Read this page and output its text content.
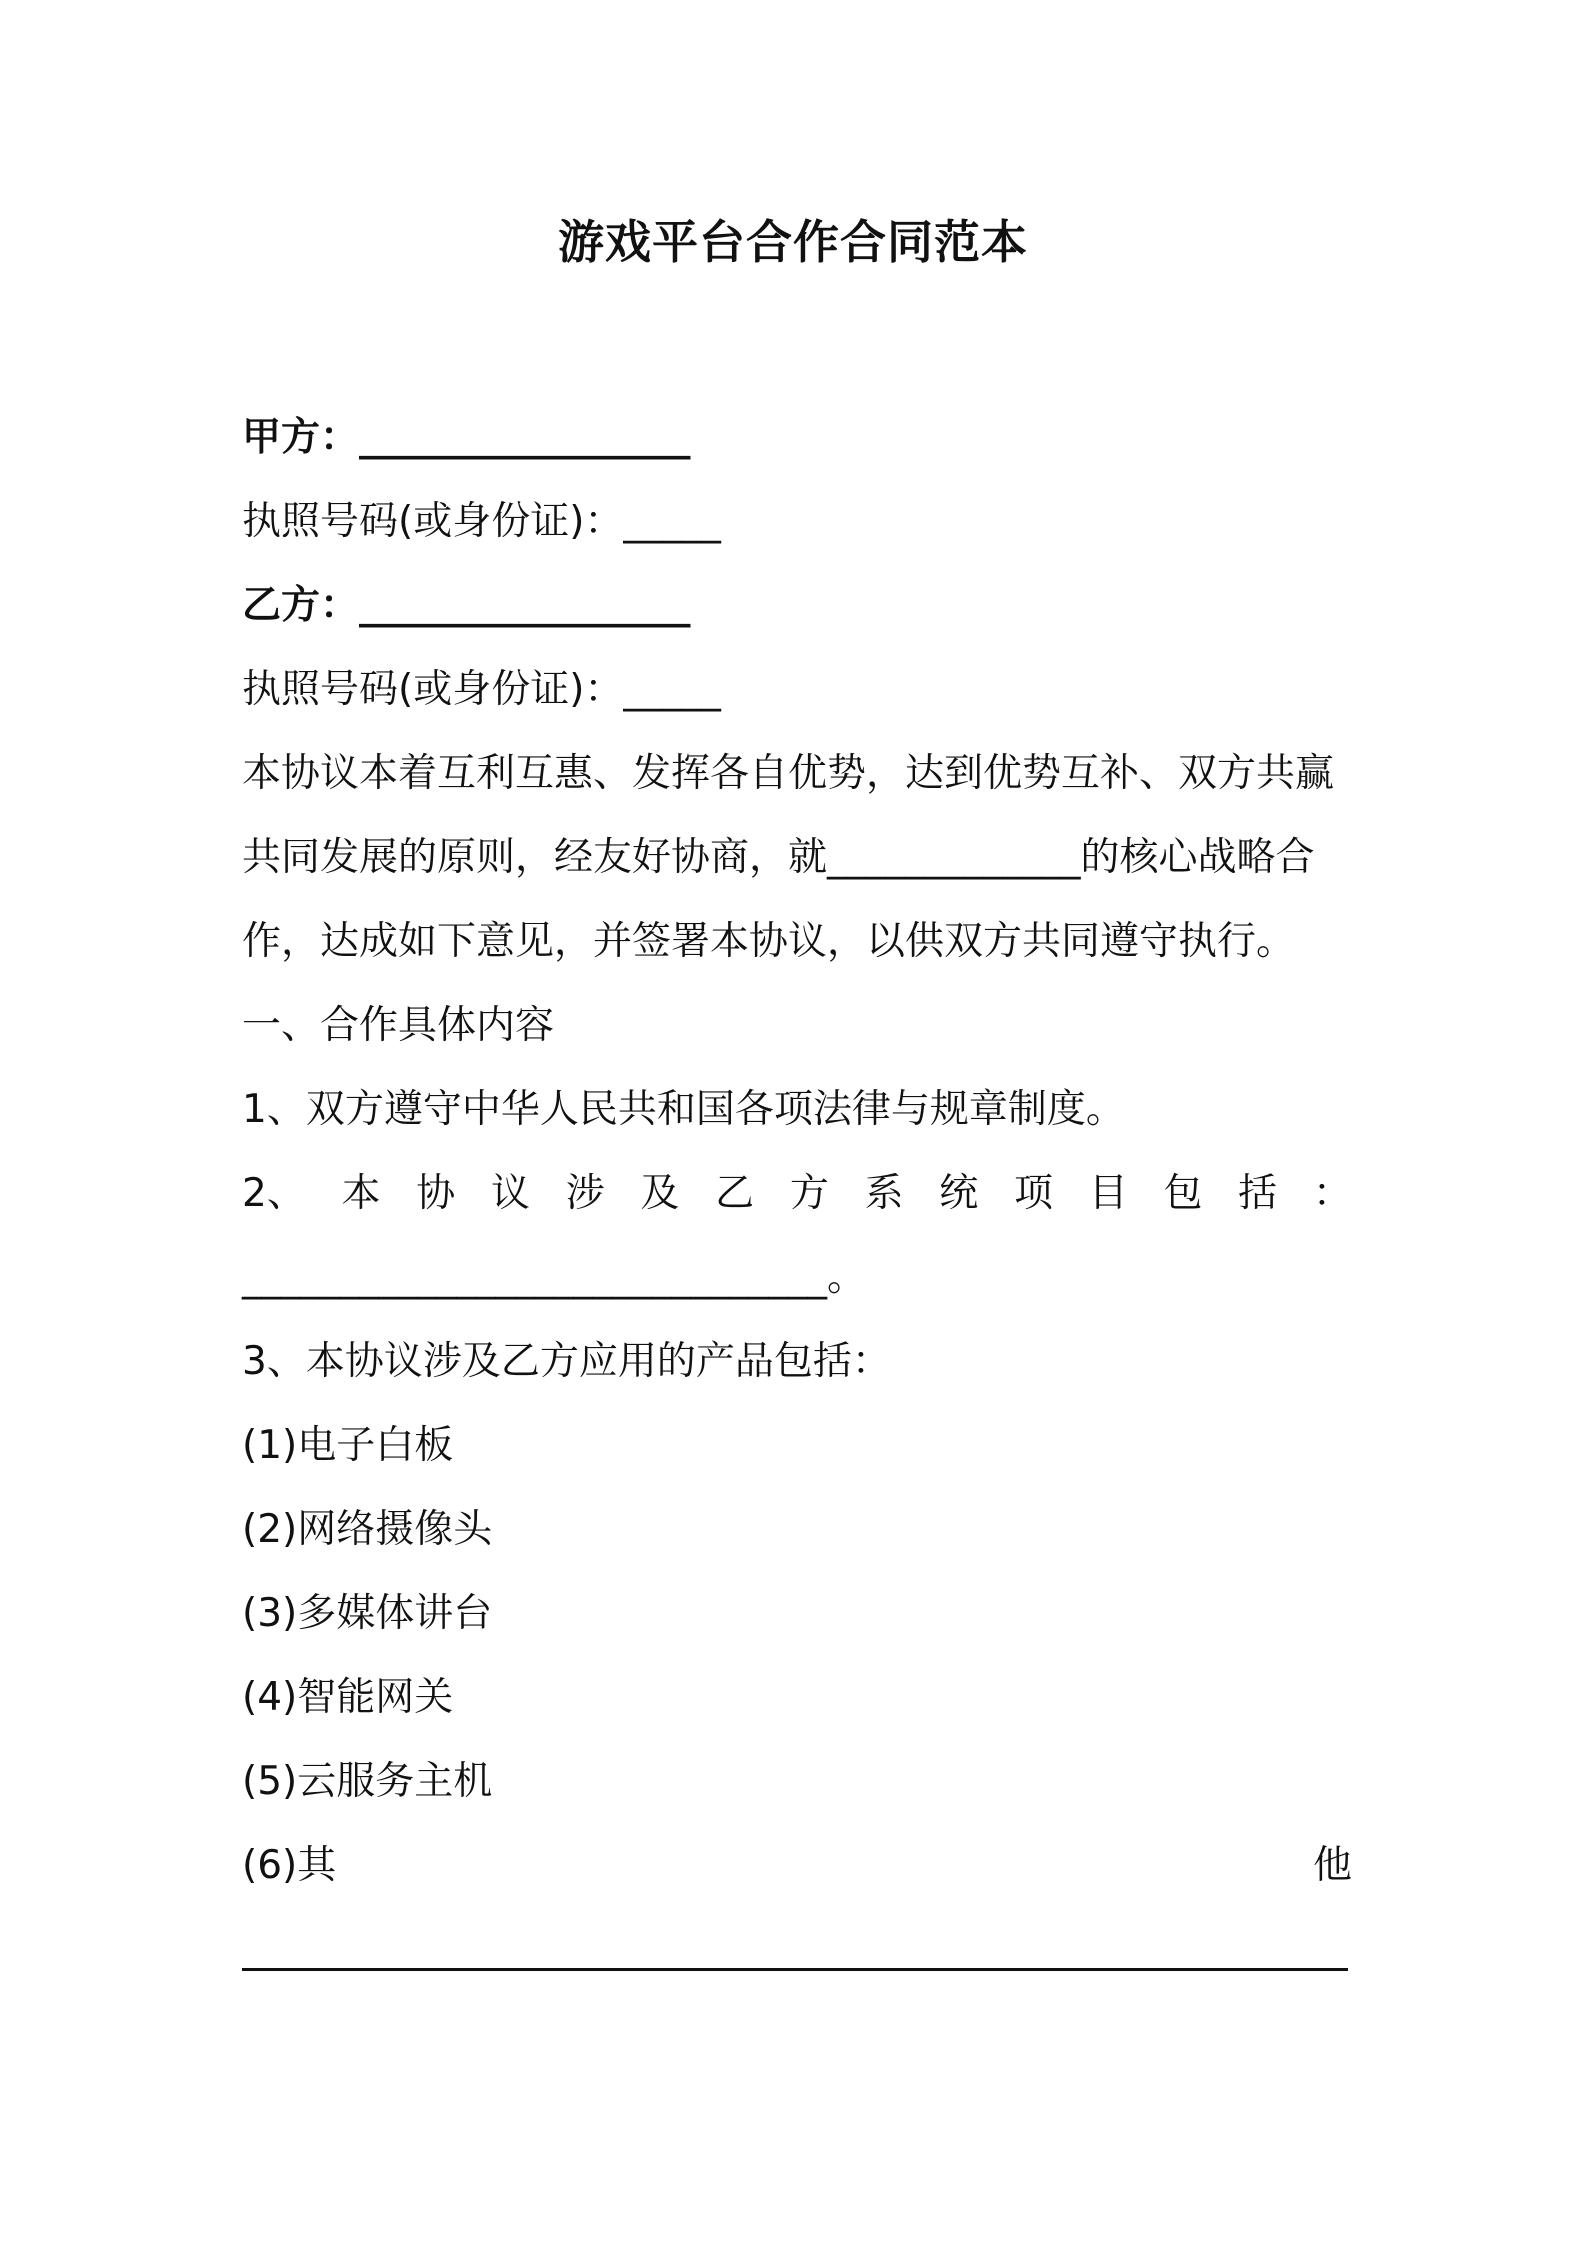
游戏平台合作合同范本
甲方：_________________
执照号码(或身份证)：_____
乙方：_________________
执照号码(或身份证)：_____
本协议本着互利互惠、发挥各自优势，达到优势互补、双方共赢
共同发展的原则，经友好协商，就_____________的核心战略合
作，达成如下意见，并签署本协议，以供双方共同遵守执行。
一、合作具体内容
1、双方遵守中华人民共和国各项法律与规章制度。
2、 本 协 议 涉 及 乙 方 系 统 项 目 包 括 ：
______________________________。
3、本协议涉及乙方应用的产品包括：
(1)电子白板
(2)网络摄像头
(3)多媒体讲台
(4)智能网关
(5)云服务主机
(6)其	他
